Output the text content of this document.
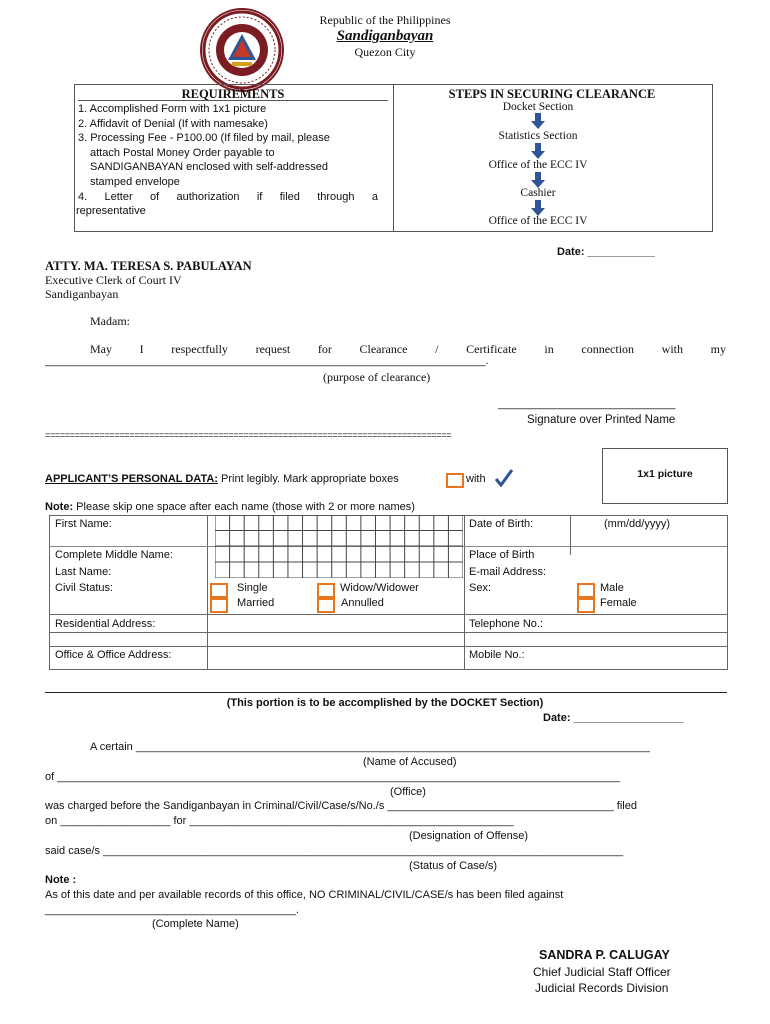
Republic of the Philippines
Sandiganbayan
Quezon City
REQUIREMENTS
1. Accomplished Form with 1x1 picture
2. Affidavit of Denial (If with namesake)
3. Processing Fee - P100.00 (If filed by mail, please
attach Postal Money Order payable to
SANDIGANBAYAN enclosed with self-addressed
stamped envelope
4. Letter of authorization if filed through a
representative
STEPS IN SECURING CLEARANCE
Docket Section
Statistics Section
Office of the ECC IV
Cashier
Office of the ECC IV
Date: ___________
ATTY. MA. TERESA S. PABULAYAN
Executive Clerk of Court IV
Sandiganbayan
Madam:
May I respectfully request for Clearance / Certificate in connection with my
________________________________________________________________________.
(purpose of clearance)
_____________________________
Signature over Printed Name
==================================================================================
APPLICANT’S PERSONAL DATA: Print legibly. Mark appropriate boxes	with	1x1 picture
Note: Please skip one space after each name (those with 2 or more names)
First Name:
Complete Middle Name:
Last Name:
Civil Status:	Single
Married
Widow/Widower
Annulled
Date of Birth:	(mm/dd/yyyy)
Place of Birth
E-mail Address:
Sex:	Male
Female
Residential Address:	Telephone No.:
Office & Office Address:	Mobile No.:
(This portion is to be accomplished by the DOCKET Section)
Date: __________________
A certain ____________________________________________________________________________________
(Name of Accused)
of ____________________________________________________________________________________________
(Office)
was charged before the Sandiganbayan in Criminal/Civil/Case/s/No./s _____________________________________ filed
on __________________ for _____________________________________________________
(Designation of Offense)
said case/s _____________________________________________________________________________________
(Status of Case/s)
Note :
As of this date and per available records of this office, NO CRIMINAL/CIVIL/CASE/s has been filed against
_________________________________________.
(Complete Name)
SANDRA P. CALUGAY
Chief Judicial Staff Officer
Judicial Records Division
